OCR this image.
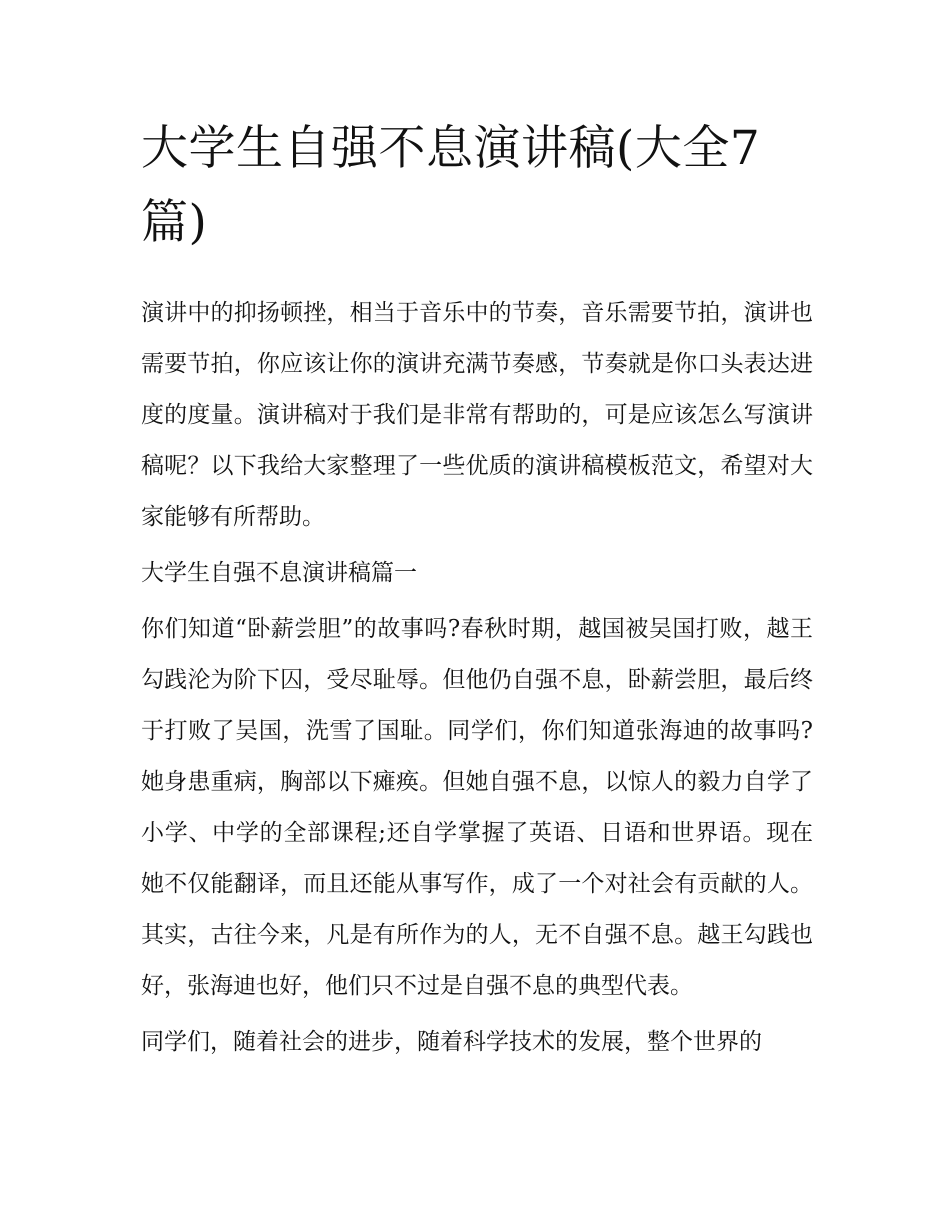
大学生自强不息演讲稿(大全7篇)

演讲中的抑扬顿挫，相当于音乐中的节奏，音乐需要节拍，演讲也需要节拍，你应该让你的演讲充满节奏感，节奏就是你口头表达进度的度量。演讲稿对于我们是非常有帮助的，可是应该怎么写演讲稿呢？以下我给大家整理了一些优质的演讲稿模板范文，希望对大家能够有所帮助。

大学生自强不息演讲稿篇一

你们知道“卧薪尝胆”的故事吗?春秋时期，越国被吴国打败，越王勾践沦为阶下囚，受尽耻辱。但他仍自强不息，卧薪尝胆，最后终于打败了吴国，洗雪了国耻。同学们，你们知道张海迪的故事吗?她身患重病，胸部以下瘫痪。但她自强不息，以惊人的毅力自学了小学、中学的全部课程;还自学掌握了英语、日语和世界语。现在她不仅能翻译，而且还能从事写作，成了一个对社会有贡献的人。其实，古往今来，凡是有所作为的人，无不自强不息。越王勾践也好，张海迪也好，他们只不过是自强不息的典型代表。

同学们，随着社会的进步，随着科学技术的发展，整个世界的
